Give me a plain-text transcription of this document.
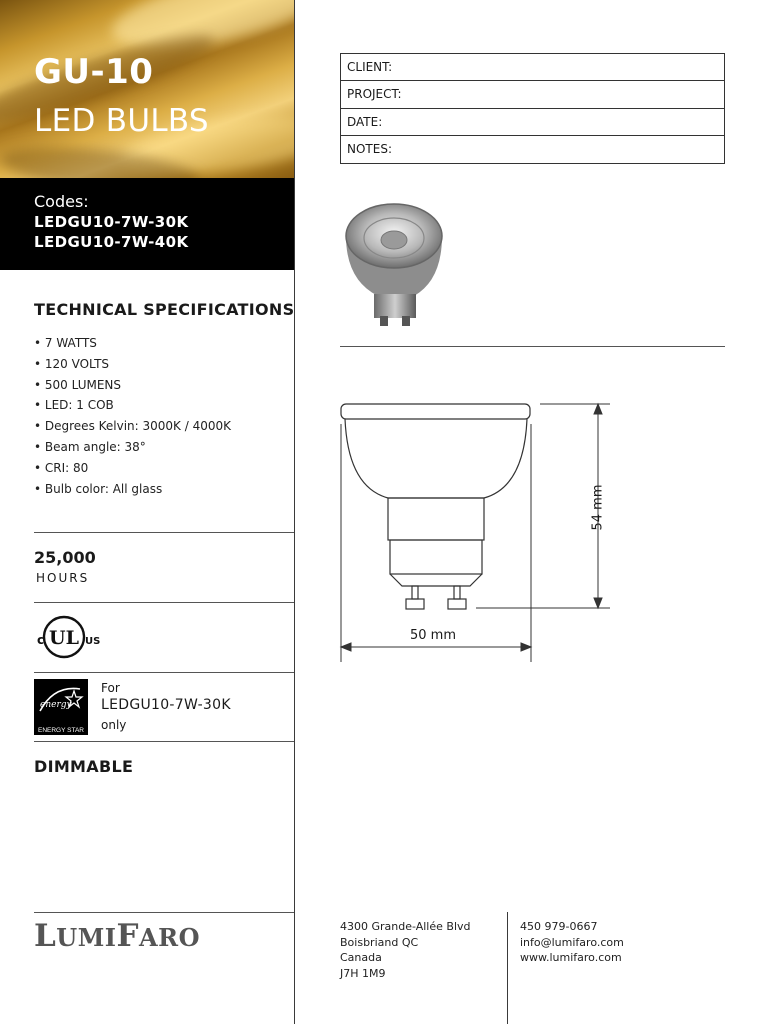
GU-10
LED BULBS
Codes:
LEDGU10-7W-30K
LEDGU10-7W-40K
TECHNICAL SPECIFICATIONS
• 7 WATTS
• 120 VOLTS
• 500 LUMENS
• LED: 1 COB
• Degrees Kelvin: 3000K / 4000K
• Beam angle: 38°
• CRI: 80
• Bulb color: All glass
25,000
HOURS
UL
c	US
energy
ENERGY STAR
For
LEDGU10-7W-30K
only
DIMMABLE
LUMIFARO
CLIENT:
PROJECT:
DATE:
NOTES:
50 mm
54 mm
4300 Grande-Allée Blvd
Boisbriand QC
Canada
J7H 1M9
450 979-0667
info@lumifaro.com
www.lumifaro.com
